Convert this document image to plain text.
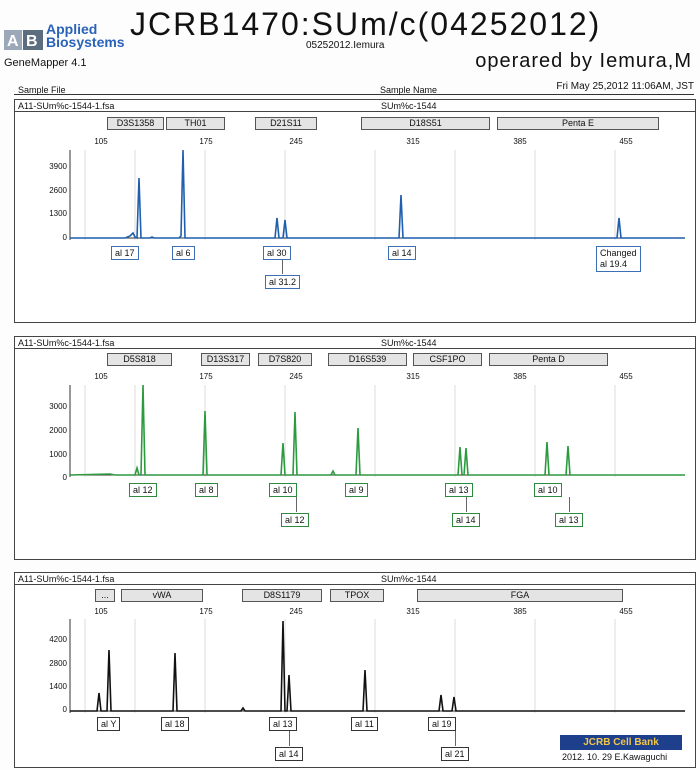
A B
Applied
Biosystems
GeneMapper 4.1
JCRB1470:SUm/c(04252012)
05252012.Iemura
operared by Iemura,M
Sample File	Sample Name	Fri May 25,2012 11:06AM, JST
A11-SUm%c-1544-1.fsa	SUm%c-1544
D3S1358	TH01	D21S11	D18S51	Penta E
105	175	245	315	385	455
3900
2600
1300
0
al 17	al 6	al 30
al 31.2
al 14	Changed
al 19.4
A11-SUm%c-1544-1.fsa	SUm%c-1544
D5S818	D13S317	D7S820	D16S539	CSF1PO	Penta D
105	175	245	315	385	455
3000
2000
1000
0
al 12	al 8	al 10
al 12
al 9	al 13
al 14
al 10
al 13
A11-SUm%c-1544-1.fsa	SUm%c-1544
...	vWA	D8S1179	TPOX	FGA
105	175	245	315	385	455
4200
2800
1400
0
al Y	al 18	al 13
al 14
al 11	al 19
al 21
JCRB Cell Bank
2012. 10. 29 E.Kawaguchi
